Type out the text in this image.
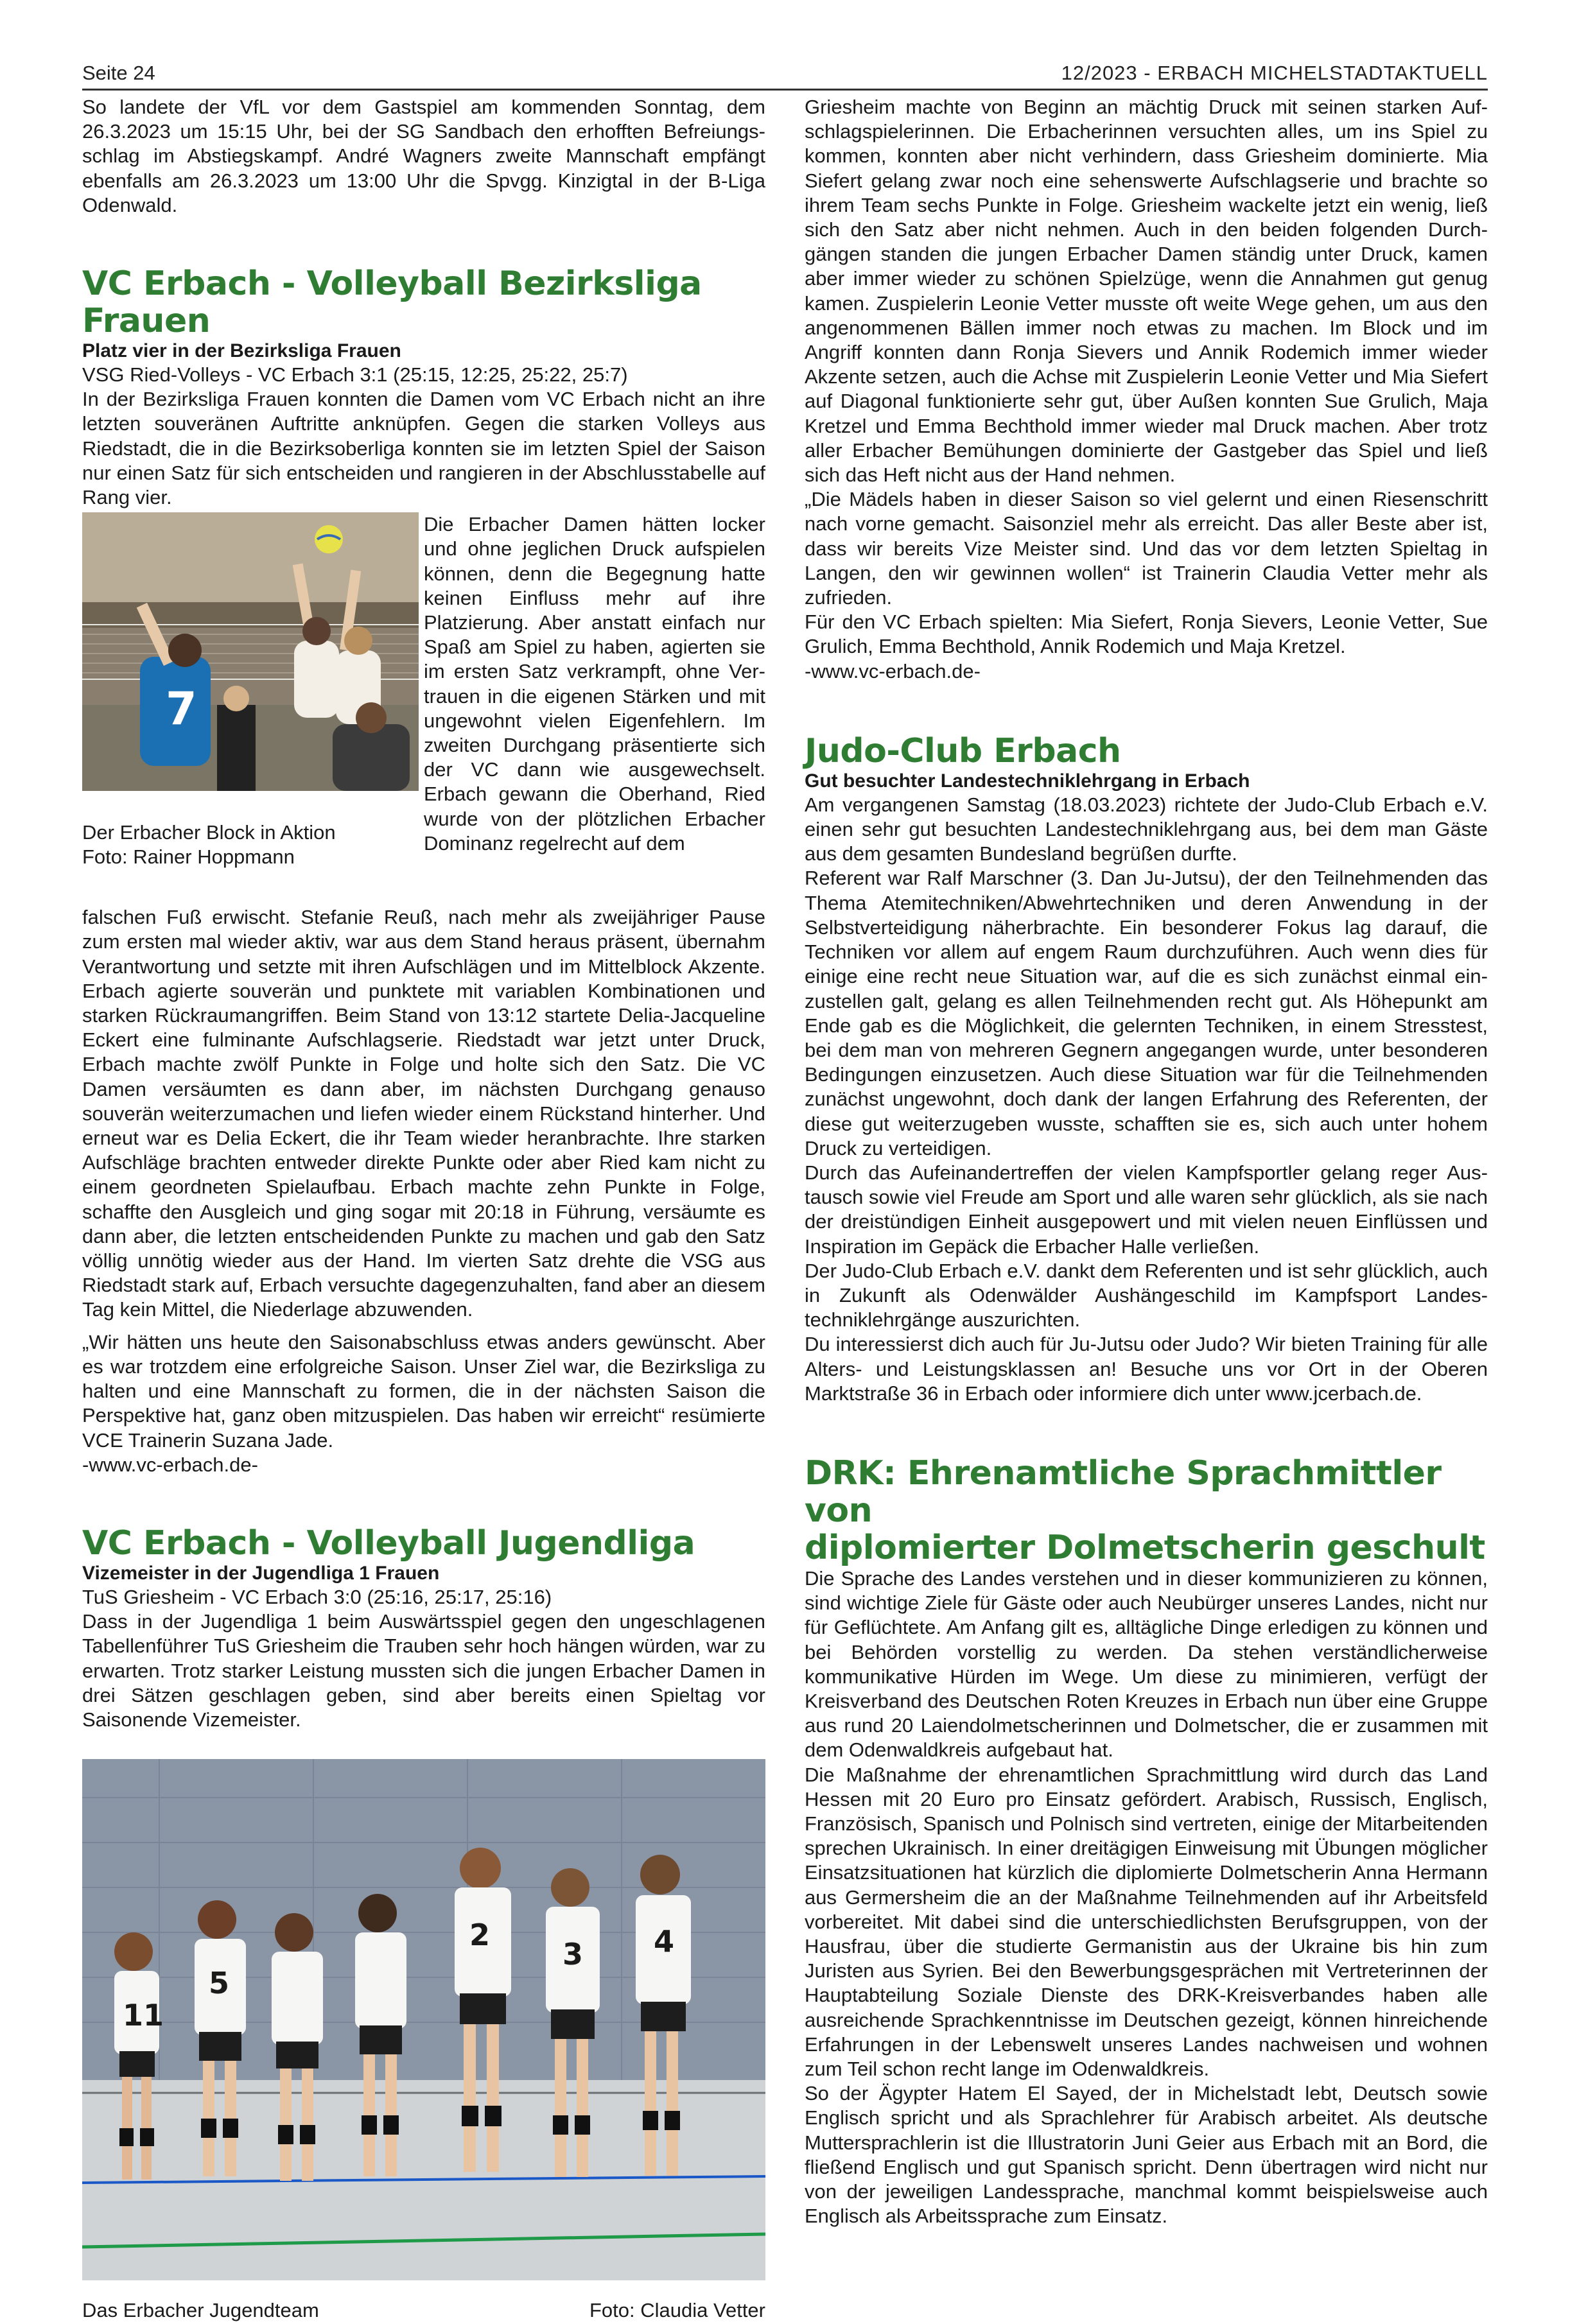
Seite 24	12/2023 - ERBACH MICHELSTADTAKTUELL

So landete der VfL vor dem Gastspiel am kommenden Sonntag, dem 26.3.2023 um 15:15 Uhr, bei der SG Sandbach den erhofften Befreiungsschlag im Abstiegskampf. André Wagners zweite Mannschaft empfängt ebenfalls am 26.3.2023 um 13:00 Uhr die Spvgg. Kinzigtal in der B-Liga Odenwald.

VC Erbach - Volleyball Bezirksliga Frauen

Platz vier in der Bezirksliga Frauen

VSG Ried-Volleys - VC Erbach 3:1 (25:15, 12:25, 25:22, 25:7)

In der Bezirksliga Frauen konnten die Damen vom VC Erbach nicht an ihre letzten souveränen Auftritte anknüpfen. Gegen die starken Volleys aus Riedstadt, die in die Bezirksoberliga konnten sie im letzten Spiel der Saison nur einen Satz für sich entscheiden und rangieren in der Abschlusstabelle auf Rang vier.

7

Der Erbacher Block in Aktion

Foto: Rainer Hoppmann

Die Erbacher Damen hätten locker und ohne jeglichen Druck aufspielen können, denn die Begegnung hatte keinen Einfluss mehr auf ihre Platzierung. Aber anstatt einfach nur Spaß am Spiel zu haben, agierten sie im ersten Satz verkrampft, ohne Vertrauen in die eigenen Stärken und mit ungewohnt vielen Eigenfehlern. Im zweiten Durchgang präsentierte sich der VC dann wie ausgewechselt. Erbach gewann die Oberhand, Ried wurde von der plötzlichen Erbacher Dominanz regelrecht auf dem

falschen Fuß erwischt. Stefanie Reuß, nach mehr als zweijähriger Pause zum ersten mal wieder aktiv, war aus dem Stand heraus präsent, übernahm Verantwortung und setzte mit ihren Aufschlägen und im Mittelblock Akzente. Erbach agierte souverän und punktete mit variablen Kombinationen und starken Rückraumangriffen. Beim Stand von 13:12 startete Delia-Jacqueline Eckert eine fulminante Aufschlagserie. Riedstadt war jetzt unter Druck, Erbach machte zwölf Punkte in Folge und holte sich den Satz. Die VC Damen versäumten es dann aber, im nächsten Durchgang genauso souverän weiterzumachen und liefen wieder einem Rückstand hinterher. Und erneut war es Delia Eckert, die ihr Team wieder heranbrachte. Ihre starken Aufschläge brachten entweder direkte Punkte oder aber Ried kam nicht zu einem geordneten Spielaufbau. Erbach machte zehn Punkte in Folge, schaffte den Ausgleich und ging sogar mit 20:18 in Führung, versäumte es dann aber, die letzten entscheidenden Punkte zu machen und gab den Satz völlig unnötig wieder aus der Hand. Im vierten Satz drehte die VSG aus Riedstadt stark auf, Erbach versuchte dagegenzuhalten, fand aber an diesem Tag kein Mittel, die Niederlage abzuwenden.

„Wir hätten uns heute den Saisonabschluss etwas anders gewünscht. Aber es war trotzdem eine erfolgreiche Saison. Unser Ziel war, die Bezirksliga zu halten und eine Mannschaft zu formen, die in der nächsten Saison die Perspektive hat, ganz oben mitzuspielen. Das haben wir erreicht“ resümierte VCE Trainerin Suzana Jade.

-www.vc-erbach.de-

VC Erbach - Volleyball Jugendliga

Vizemeister in der Jugendliga 1 Frauen

TuS Griesheim - VC Erbach 3:0 (25:16, 25:17, 25:16)

Dass in der Jugendliga 1 beim Auswärtsspiel gegen den ungeschlagenen Tabellenführer TuS Griesheim die Trauben sehr hoch hängen würden, war zu erwarten. Trotz starker Leistung mussten sich die jungen Erbacher Damen in drei Sätzen geschlagen geben, sind aber bereits einen Spieltag vor Saisonende Vizemeister.

11
5
2
3 4
Das Erbacher Jugendteam	Foto: Claudia Vetter

Griesheim machte von Beginn an mächtig Druck mit seinen starken Aufschlagspielerinnen. Die Erbacherinnen versuchten alles, um ins Spiel zu kommen, konnten aber nicht verhindern, dass Griesheim dominierte. Mia Siefert gelang zwar noch eine sehenswerte Aufschlagserie und brachte so ihrem Team sechs Punkte in Folge. Griesheim wackelte jetzt ein wenig, ließ sich den Satz aber nicht nehmen. Auch in den beiden folgenden Durchgängen standen die jungen Erbacher Damen ständig unter Druck, kamen aber immer wieder zu schönen Spielzüge, wenn die Annahmen gut genug kamen. Zuspielerin Leonie Vetter musste oft weite Wege gehen, um aus den angenommenen Bällen immer noch etwas zu machen. Im Block und im Angriff konnten dann Ronja Sievers und Annik Rodemich immer wieder Akzente setzen, auch die Achse mit Zuspielerin Leonie Vetter und Mia Siefert auf Diagonal funktionierte sehr gut, über Außen konnten Sue Grulich, Maja Kretzel und Emma Bechthold immer wieder mal Druck machen. Aber trotz aller Erbacher Bemühungen dominierte der Gastgeber das Spiel und ließ sich das Heft nicht aus der Hand nehmen.

„Die Mädels haben in dieser Saison so viel gelernt und einen Riesenschritt nach vorne gemacht. Saisonziel mehr als erreicht. Das aller Beste aber ist, dass wir bereits Vize Meister sind. Und das vor dem letzten Spieltag in Langen, den wir gewinnen wollen“ ist Trainerin Claudia Vetter mehr als zufrieden.

Für den VC Erbach spielten: Mia Siefert, Ronja Sievers, Leonie Vetter, Sue Grulich, Emma Bechthold, Annik Rodemich und Maja Kretzel.

-www.vc-erbach.de-

Judo-Club Erbach

Gut besuchter Landestechniklehrgang in Erbach

Am vergangenen Samstag (18.03.2023) richtete der Judo-Club Erbach e.V. einen sehr gut besuchten Landestechniklehrgang aus, bei dem man Gäste aus dem gesamten Bundesland begrüßen durfte.

Referent war Ralf Marschner (3. Dan Ju-Jutsu), der den Teilnehmenden das Thema Atemitechniken/Abwehrtechniken und deren Anwendung in der Selbstverteidigung näherbrachte. Ein besonderer Fokus lag darauf, die Techniken vor allem auf engem Raum durchzuführen. Auch wenn dies für einige eine recht neue Situation war, auf die es sich zunächst einmal einzustellen galt, gelang es allen Teilnehmenden recht gut. Als Höhepunkt am Ende gab es die Möglichkeit, die gelernten Techniken, in einem Stresstest, bei dem man von mehreren Gegnern angegangen wurde, unter besonderen Bedingungen einzusetzen. Auch diese Situation war für die Teilnehmenden zunächst ungewohnt, doch dank der langen Erfahrung des Referenten, der diese gut weiterzugeben wusste, schafften sie es, sich auch unter hohem Druck zu verteidigen.

Durch das Aufeinandertreffen der vielen Kampfsportler gelang reger Austausch sowie viel Freude am Sport und alle waren sehr glücklich, als sie nach der dreistündigen Einheit ausgepowert und mit vielen neuen Einflüssen und Inspiration im Gepäck die Erbacher Halle verließen.

Der Judo-Club Erbach e.V. dankt dem Referenten und ist sehr glücklich, auch in Zukunft als Odenwälder Aushängeschild im Kampfsport Landestechniklehrgänge auszurichten.

Du interessierst dich auch für Ju-Jutsu oder Judo? Wir bieten Training für alle Alters- und Leistungsklassen an! Besuche uns vor Ort in der Oberen Marktstraße 36 in Erbach oder informiere dich unter www.jcerbach.de.

DRK: Ehrenamtliche Sprachmittler von
diplomierter Dolmetscherin geschult

Die Sprache des Landes verstehen und in dieser kommunizieren zu können, sind wichtige Ziele für Gäste oder auch Neubürger unseres Landes, nicht nur für Geflüchtete. Am Anfang gilt es, alltägliche Dinge erledigen zu können und bei Behörden vorstellig zu werden. Da stehen verständlicherweise kommunikative Hürden im Wege. Um diese zu minimieren, verfügt der Kreisverband des Deutschen Roten Kreuzes in Erbach nun über eine Gruppe aus rund 20 Laiendolmetscherinnen und Dolmetscher, die er zusammen mit dem Odenwaldkreis aufgebaut hat.

Die Maßnahme der ehrenamtlichen Sprachmittlung wird durch das Land Hessen mit 20 Euro pro Einsatz gefördert. Arabisch, Russisch, Englisch, Französisch, Spanisch und Polnisch sind vertreten, einige der Mitarbeitenden sprechen Ukrainisch. In einer dreitägigen Einweisung mit Übungen möglicher Einsatzsituationen hat kürzlich die diplomierte Dolmetscherin Anna Hermann aus Germersheim die an der Maßnahme Teilnehmenden auf ihr Arbeitsfeld vorbereitet. Mit dabei sind die unterschiedlichsten Berufsgruppen, von der Hausfrau, über die studierte Germanistin aus der Ukraine bis hin zum Juristen aus Syrien. Bei den Bewerbungsgesprächen mit Vertreterinnen der Hauptabteilung Soziale Dienste des DRK-Kreisverbandes haben alle ausreichende Sprachkenntnisse im Deutschen gezeigt, können hinreichende Erfahrungen in der Lebenswelt unseres Landes nachweisen und wohnen zum Teil schon recht lange im Odenwaldkreis.

So der Ägypter Hatem El Sayed, der in Michelstadt lebt, Deutsch sowie Englisch spricht und als Sprachlehrer für Arabisch arbeitet. Als deutsche Muttersprachlerin ist die Illustratorin Juni Geier aus Erbach mit an Bord, die fließend Englisch und gut Spanisch spricht. Denn übertragen wird nicht nur von der jeweiligen Landessprache, manchmal kommt beispielsweise auch Englisch als Arbeitssprache zum Einsatz.
